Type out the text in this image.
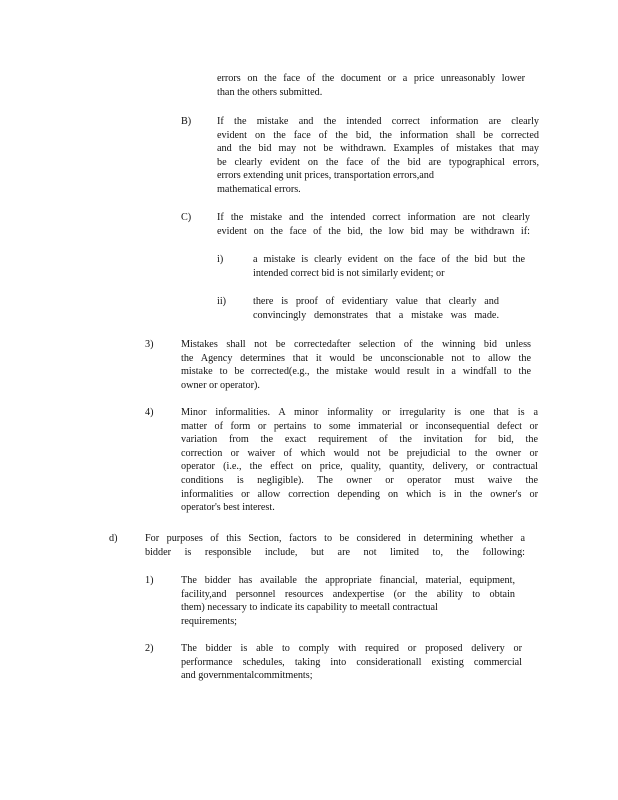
errors on the face of the document or a price unreasonably lower
than the others submitted.
B)	If the mistake and the intended correct information are clearly
evident on the face of the bid, the information shall be corrected
and the bid may not be withdrawn. Examples of mistakes that may
be clearly evident on the face of the bid are typographical errors,
errors extending unit prices, transportation errors,and
mathematical errors.
C)	If the mistake and the intended correct information are not clearly
evident on the face of the bid, the low bid may be withdrawn if:
i)	a mistake is clearly evident on the face of the bid but the
intended correct bid is not similarly evident; or
ii)	there is proof of evidentiary value that clearly and
convincingly demonstrates that a mistake was made.
3)	Mistakes shall not be correctedafter selection of the winning bid unless
the Agency determines that it would be unconscionable not to allow the
mistake to be corrected(e.g., the mistake would result in a windfall to the
owner or operator).
4)	Minor informalities. A minor informality or irregularity is one that is a
matter of form or pertains to some immaterial or inconsequential defect or
variation from the exact requirement of the invitation for bid, the
correction or waiver of which would not be prejudicial to the owner or
operator (i.e., the effect on price, quality, quantity, delivery, or contractual
conditions is negligible). The owner or operator must waive the
informalities or allow correction depending on which is in the owner's or
operator's best interest.
d)	For purposes of this Section, factors to be considered in determining whether a
bidder is responsible include, but are not limited to, the following:
1)	The bidder has available the appropriate financial, material, equipment,
facility,and personnel resources andexpertise (or the ability to obtain
them) necessary to indicate its capability to meetall contractual
requirements;
2)	The bidder is able to comply with required or proposed delivery or
performance schedules, taking into considerationall existing commercial
and governmentalcommitments;
